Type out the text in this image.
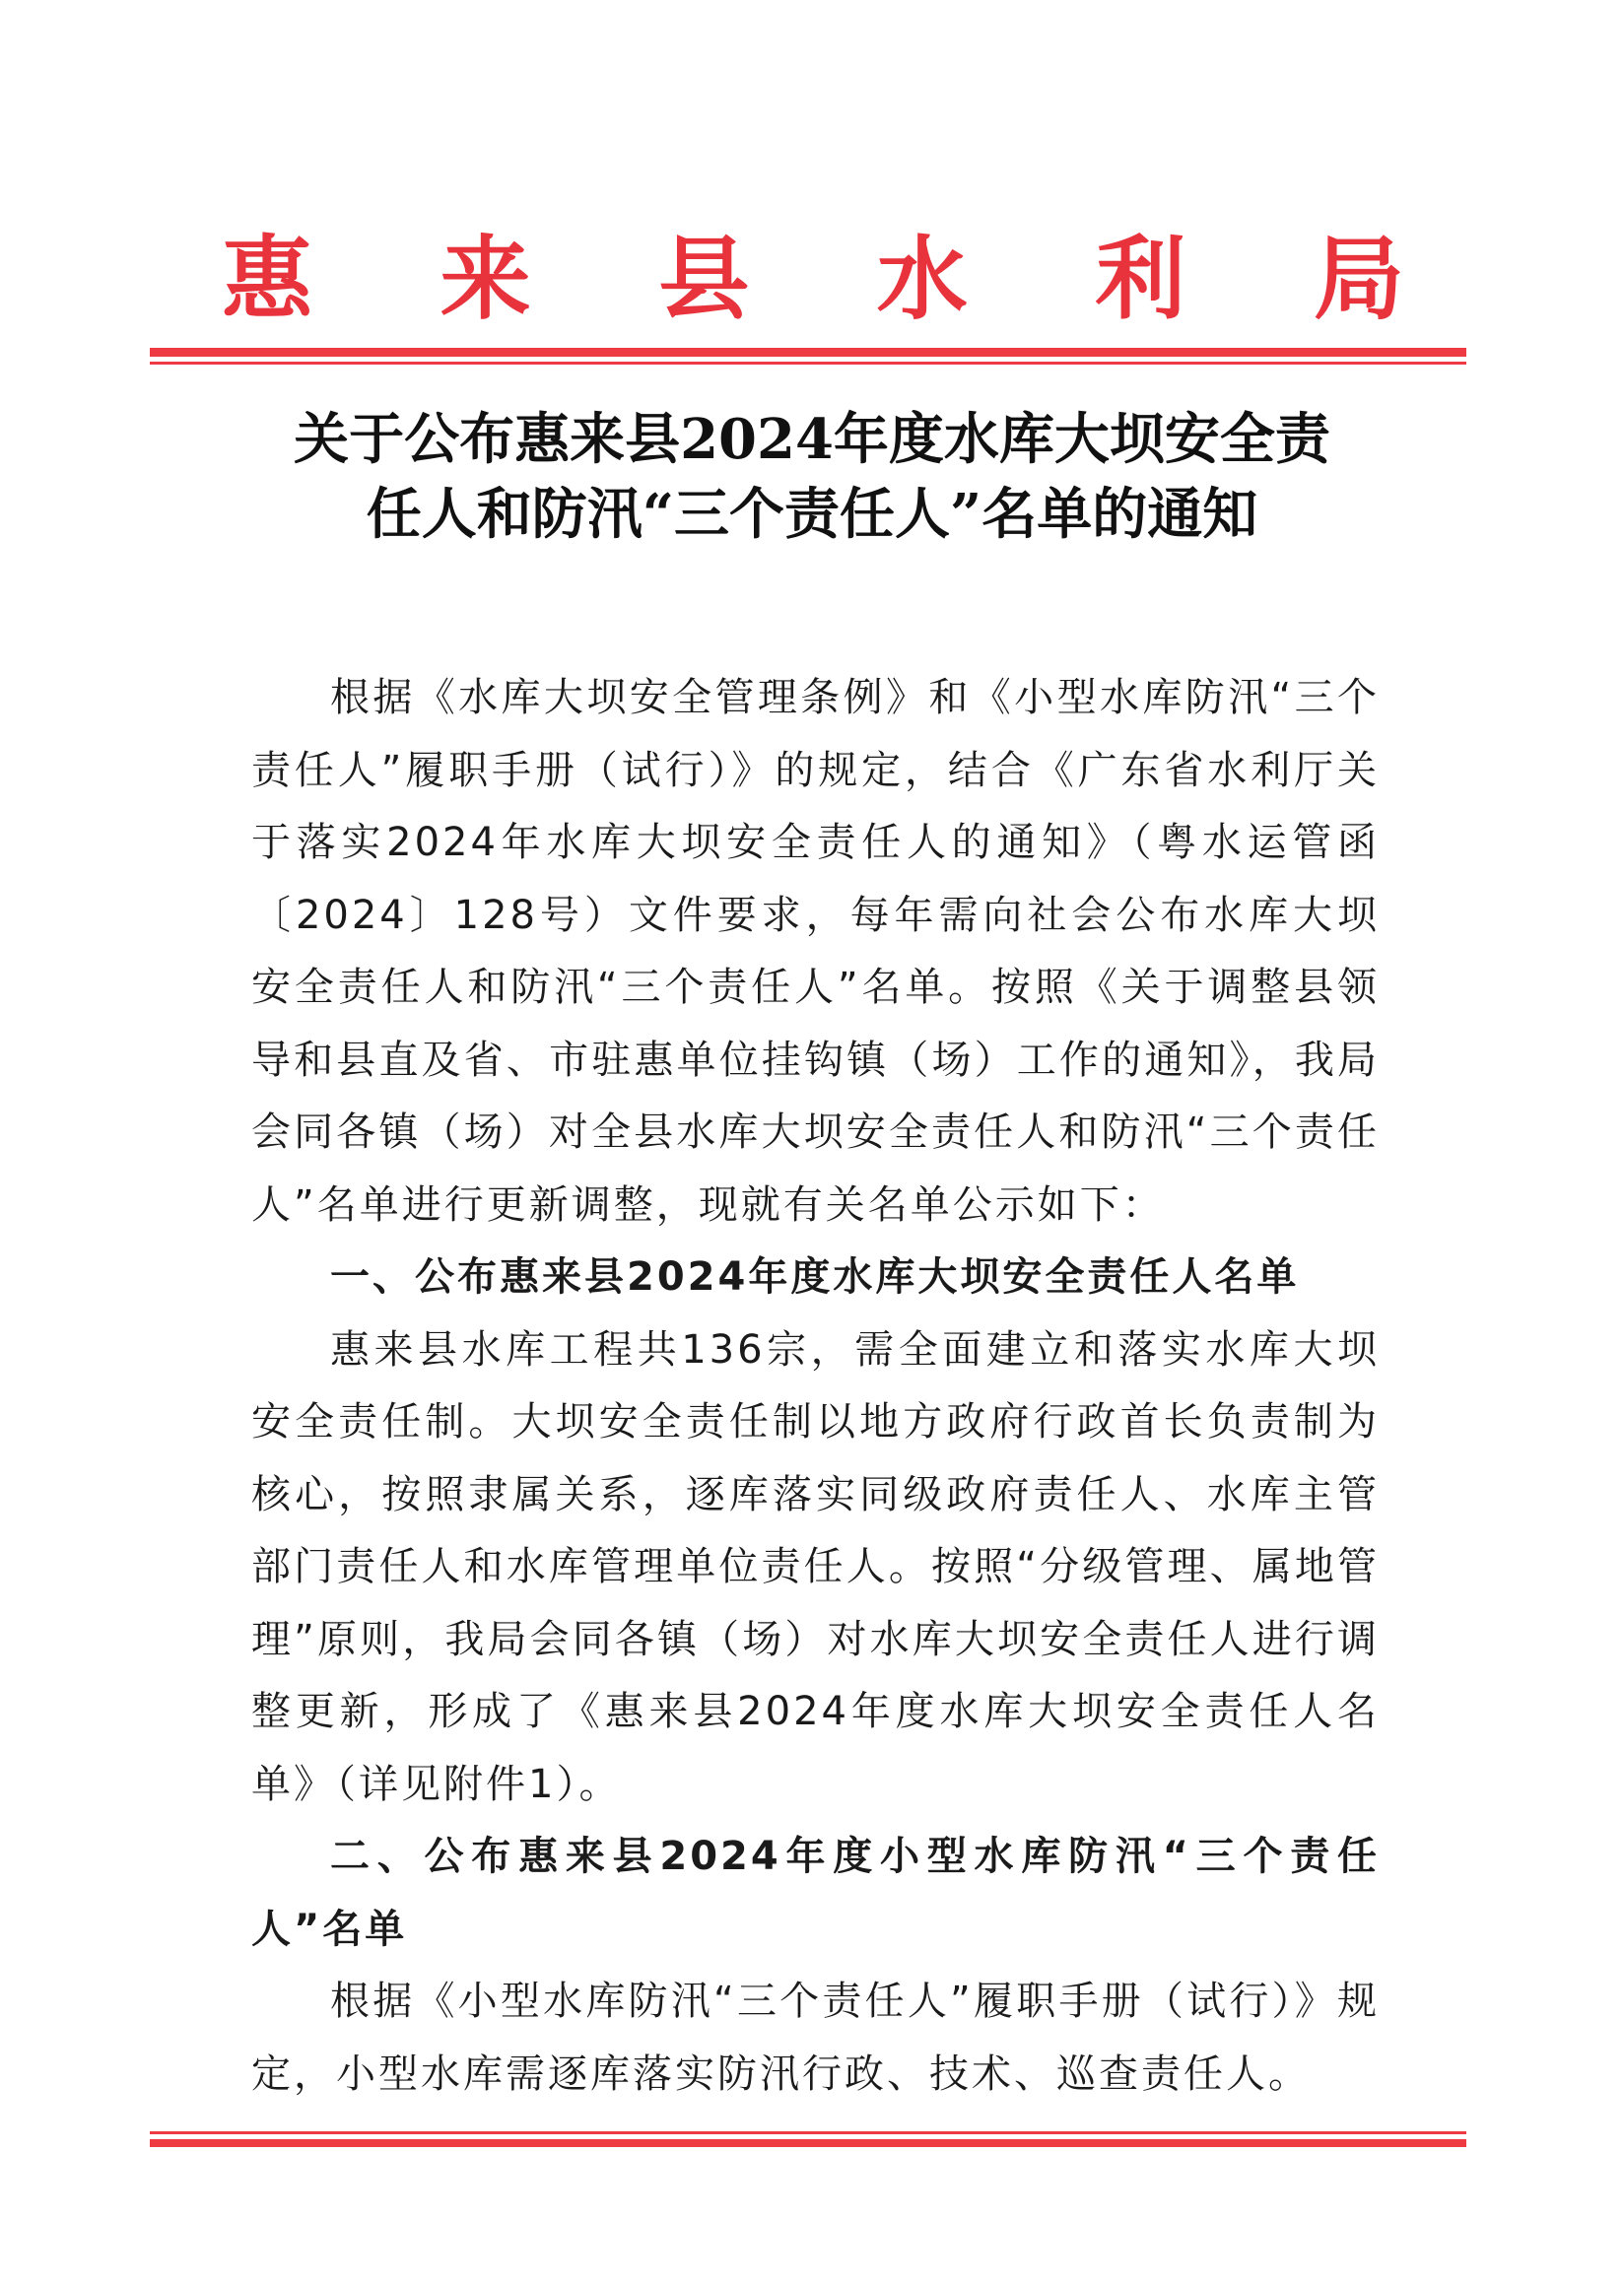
惠 来 县 水 利 局
关于公布惠来县2024年度水库大坝安全责
任人和防汛“三个责任人”名单的通知

根据《水库大坝安全管理条例》和《小型水库防汛“三个责任人”履职手册（试行）》的规定，结合《广东省水利厅关于落实2024年水库大坝安全责任人的通知》（粤水运管函〔2024〕128号）文件要求，每年需向社会公布水库大坝安全责任人和防汛“三个责任人”名单。按照《关于调整县领导和县直及省、市驻惠单位挂钩镇（场）工作的通知》，我局会同各镇（场）对全县水库大坝安全责任人和防汛“三个责任人”名单进行更新调整，现就有关名单公示如下：

一、公布惠来县2024年度水库大坝安全责任人名单

惠来县水库工程共136宗，需全面建立和落实水库大坝安全责任制。大坝安全责任制以地方政府行政首长负责制为核心，按照隶属关系，逐库落实同级政府责任人、水库主管部门责任人和水库管理单位责任人。按照“分级管理、属地管理”原则，我局会同各镇（场）对水库大坝安全责任人进行调整更新，形成了《惠来县2024年度水库大坝安全责任人名单》（详见附件1）。

二、公布惠来县2024年度小型水库防汛“三个责任人”名单

根据《小型水库防汛“三个责任人”履职手册（试行）》规定，小型水库需逐库落实防汛行政、技术、巡查责任人。
